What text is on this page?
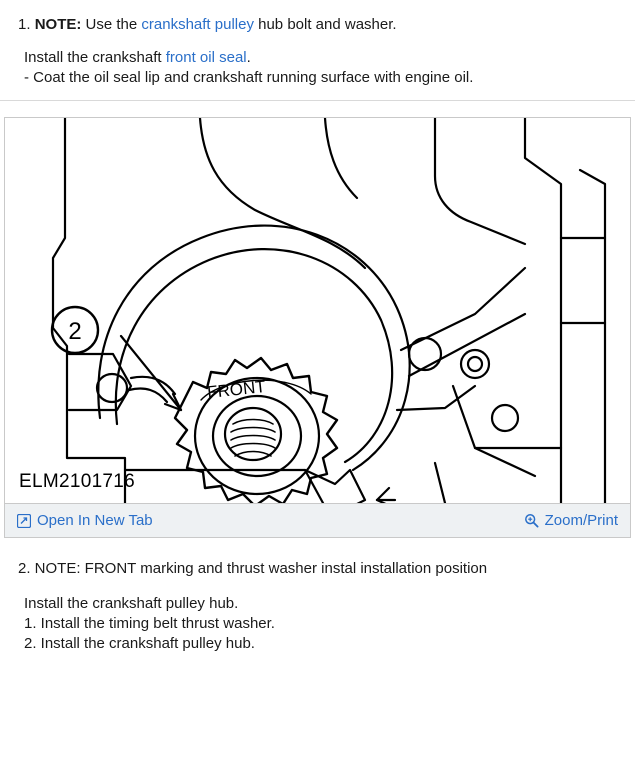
1. NOTE: Use the crankshaft pulley hub bolt and washer.

Install the crankshaft front oil seal.

- Coat the oil seal lip and crankshaft running surface with engine oil.

2
FRONT
ELM2101716
Open In New Tab	Zoom/Print

2. NOTE: FRONT marking and thrust washer instal installation position

Install the crankshaft pulley hub.

1. Install the timing belt thrust washer.

2. Install the crankshaft pulley hub.
